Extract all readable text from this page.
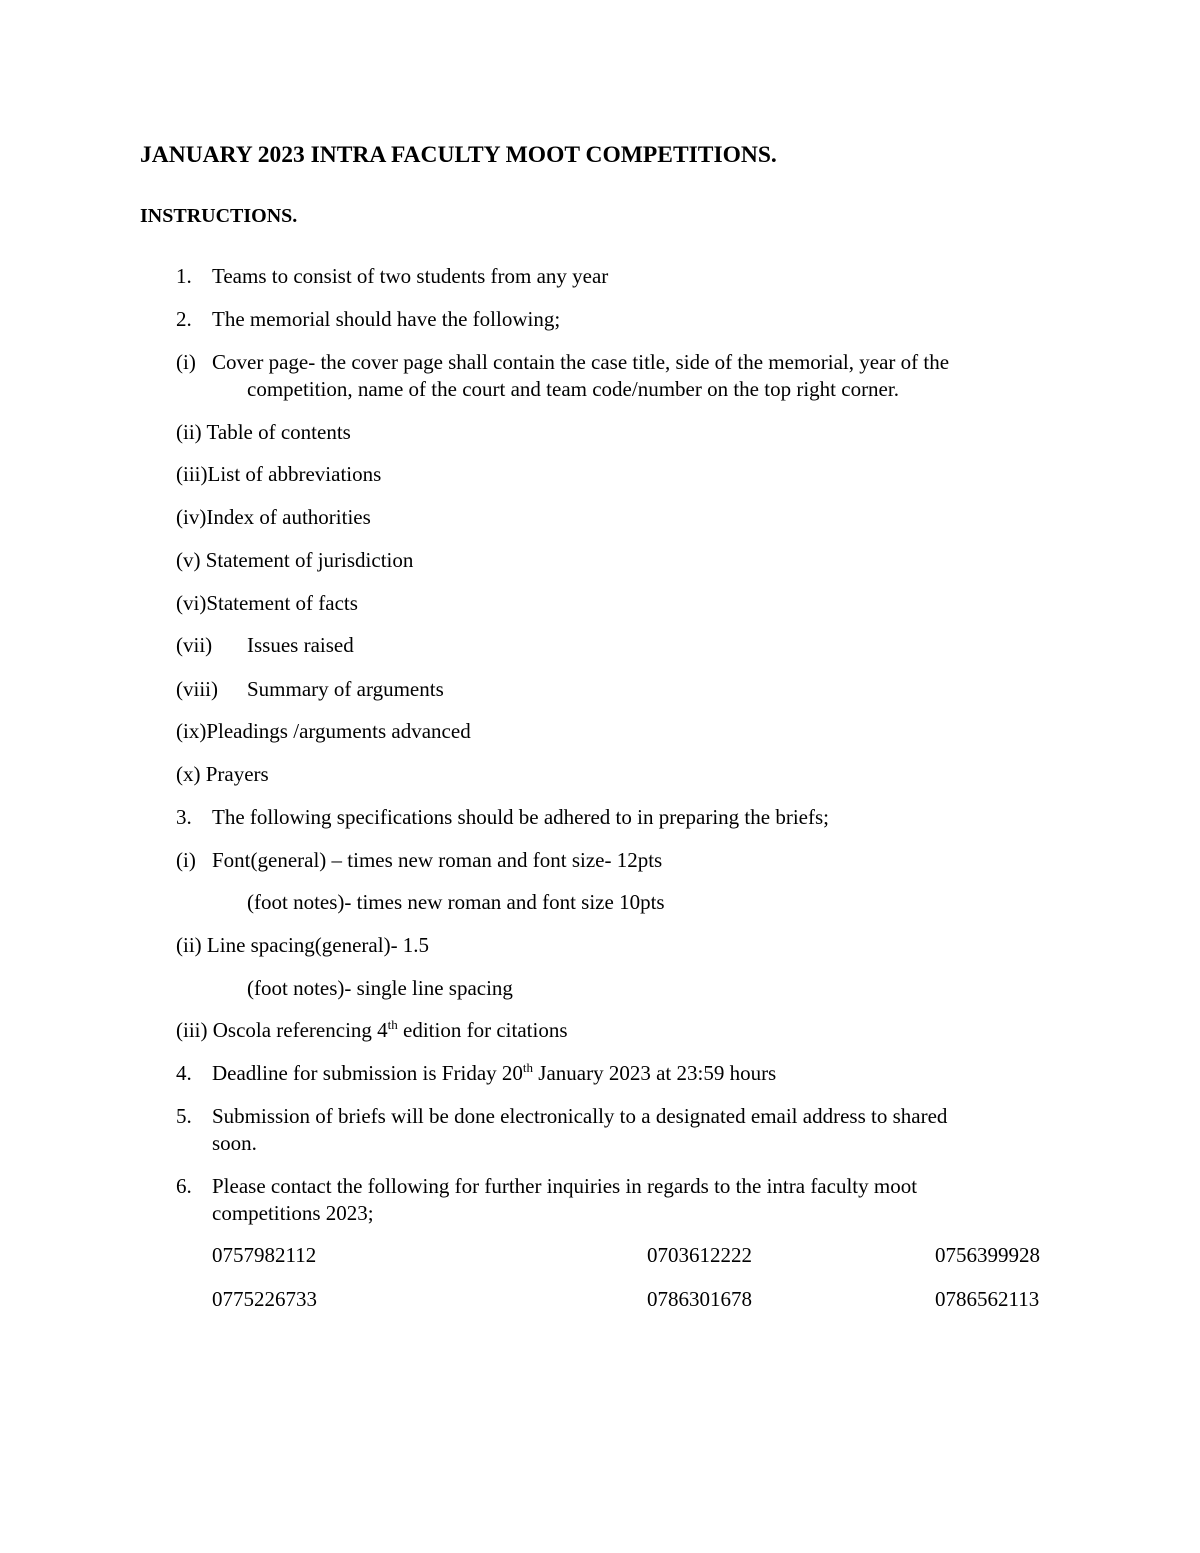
JANUARY 2023 INTRA FACULTY MOOT COMPETITIONS.
INSTRUCTIONS.
1. Teams to consist of two students from any year
2. The memorial should have the following;
(i) Cover page- the cover page shall contain the case title, side of the memorial, year of the
competition, name of the court and team code/number on the top right corner.
(ii) Table of contents
(iii)List of abbreviations
(iv)Index of authorities
(v) Statement of jurisdiction
(vi)Statement of facts
(vii) Issues raised
(viii) Summary of arguments
(ix)Pleadings /arguments advanced
(x) Prayers
3. The following specifications should be adhered to in preparing the briefs;
(i) Font(general) – times new roman and font size- 12pts
(foot notes)- times new roman and font size 10pts
(ii) Line spacing(general)- 1.5
(foot notes)- single line spacing
(iii) Oscola referencing 4th edition for citations
4. Deadline for submission is Friday 20th January 2023 at 23:59 hours
5. Submission of briefs will be done electronically to a designated email address to shared
soon.
6. Please contact the following for further inquiries in regards to the intra faculty moot
competitions 2023;
0757982112	0703612222	0756399928
0775226733	0786301678	0786562113
